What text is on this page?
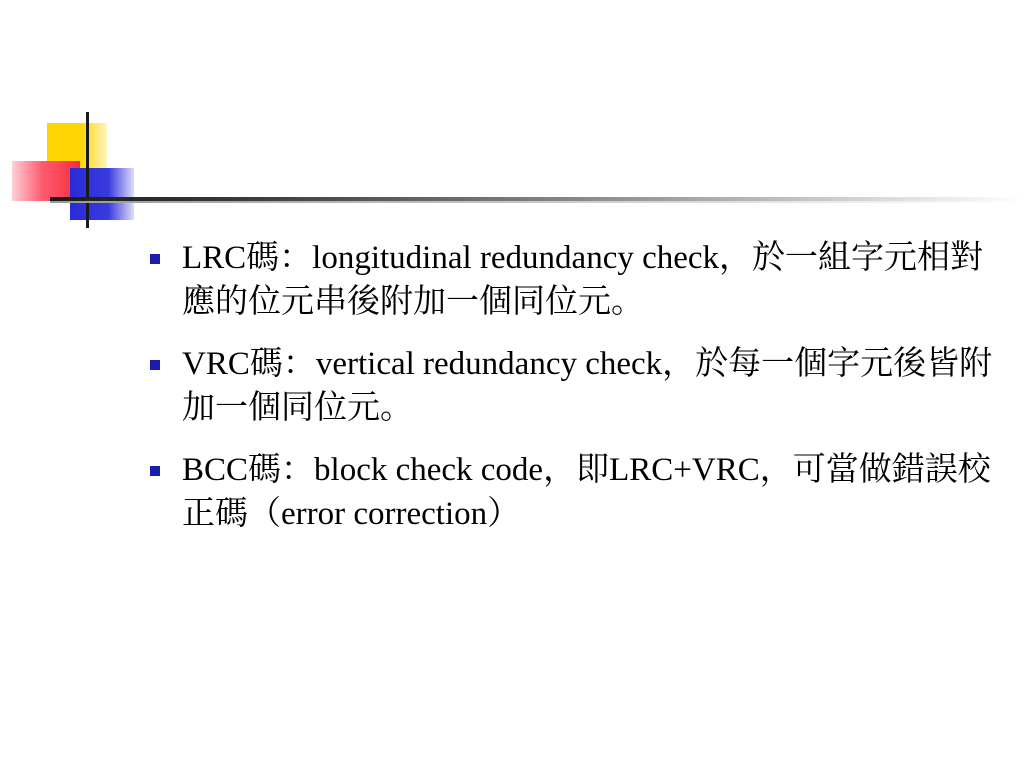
LRC碼：longitudinal redundancy check，於一組字元相對應的位元串後附加一個同位元。
VRC碼：vertical redundancy check，於每一個字元後皆附加一個同位元。
BCC碼：block check code，即LRC+VRC，可當做錯誤校正碼（error correction）
